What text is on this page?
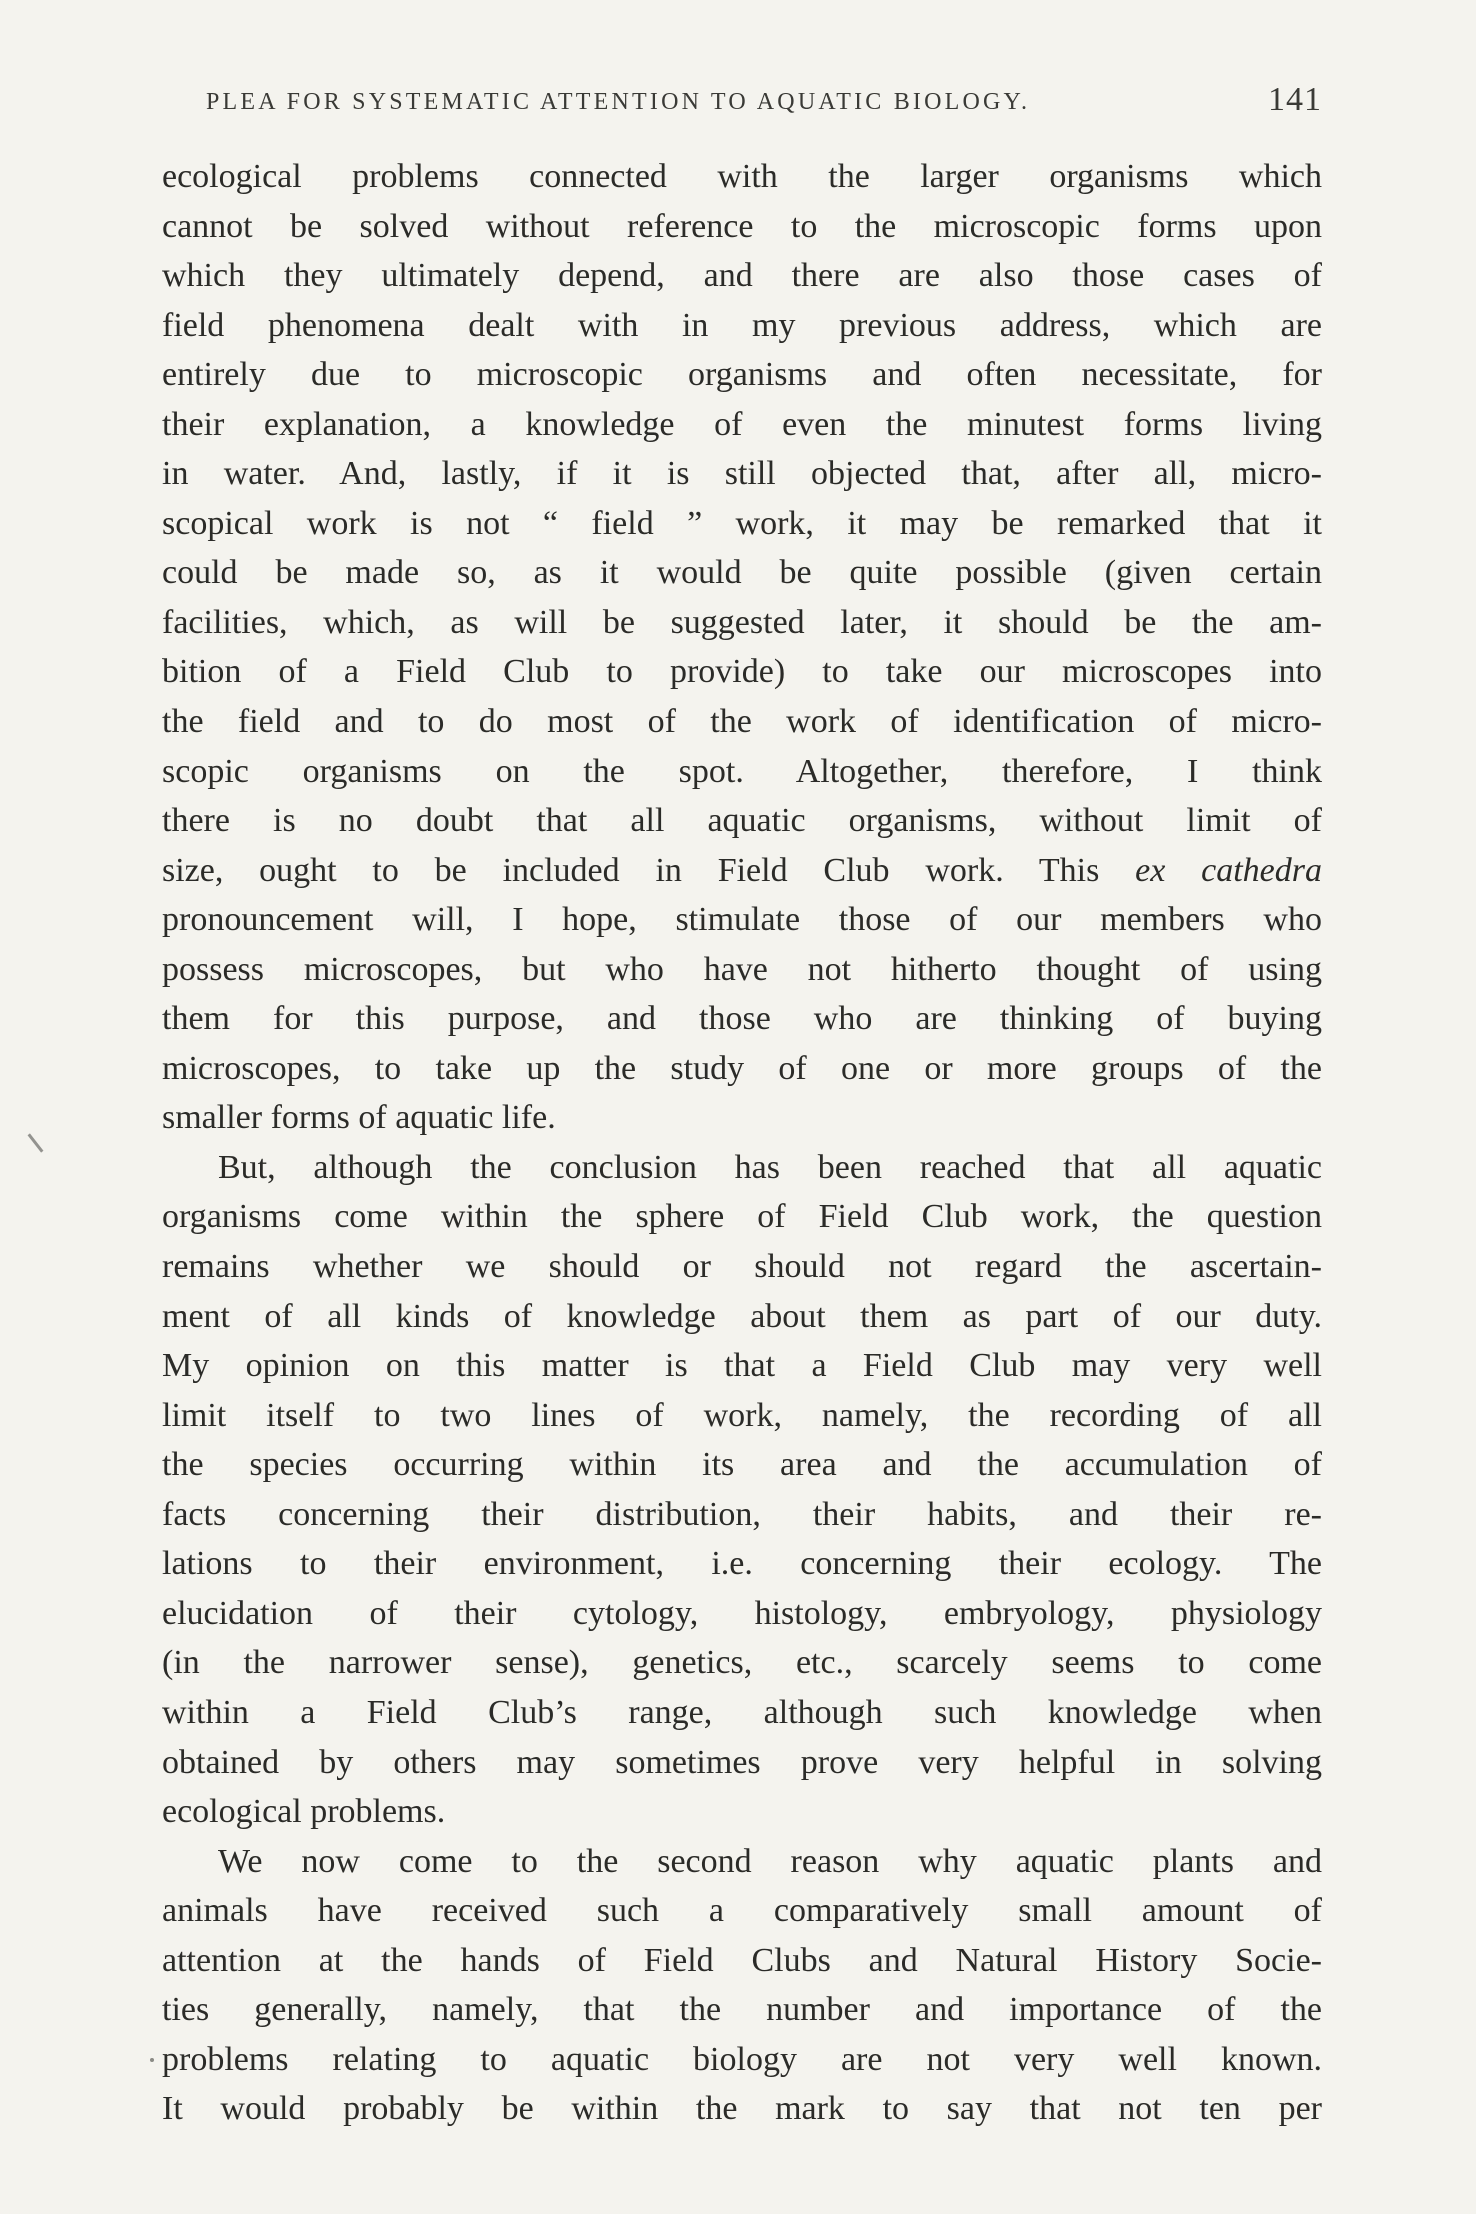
PLEA FOR SYSTEMATIC ATTENTION TO AQUATIC BIOLOGY.	141
ecological problems connected with the larger organisms which
cannot be solved without reference to the microscopic forms upon
which they ultimately depend, and there are also those cases of
field phenomena dealt with in my previous address, which are
entirely due to microscopic organisms and often necessitate, for
their explanation, a knowledge of even the minutest forms living
in water. And, lastly, if it is still objected that, after all, micro-
scopical work is not “ field ” work, it may be remarked that it
could be made so, as it would be quite possible (given certain
facilities, which, as will be suggested later, it should be the am-
bition of a Field Club to provide) to take our microscopes into
the field and to do most of the work of identification of micro-
scopic organisms on the spot. Altogether, therefore, I think
there is no doubt that all aquatic organisms, without limit of
size, ought to be included in Field Club work. This ex cathedra
pronouncement will, I hope, stimulate those of our members who
possess microscopes, but who have not hitherto thought of using
them for this purpose, and those who are thinking of buying
microscopes, to take up the study of one or more groups of the
smaller forms of aquatic life.
But, although the conclusion has been reached that all aquatic
organisms come within the sphere of Field Club work, the question
remains whether we should or should not regard the ascertain-
ment of all kinds of knowledge about them as part of our duty.
My opinion on this matter is that a Field Club may very well
limit itself to two lines of work, namely, the recording of all
the species occurring within its area and the accumulation of
facts concerning their distribution, their habits, and their re-
lations to their environment, i.e. concerning their ecology. The
elucidation of their cytology, histology, embryology, physiology
(in the narrower sense), genetics, etc., scarcely seems to come
within a Field Club’s range, although such knowledge when
obtained by others may sometimes prove very helpful in solving
ecological problems.
We now come to the second reason why aquatic plants and
animals have received such a comparatively small amount of
attention at the hands of Field Clubs and Natural History Socie-
ties generally, namely, that the number and importance of the
problems relating to aquatic biology are not very well known.
It would probably be within the mark to say that not ten per
